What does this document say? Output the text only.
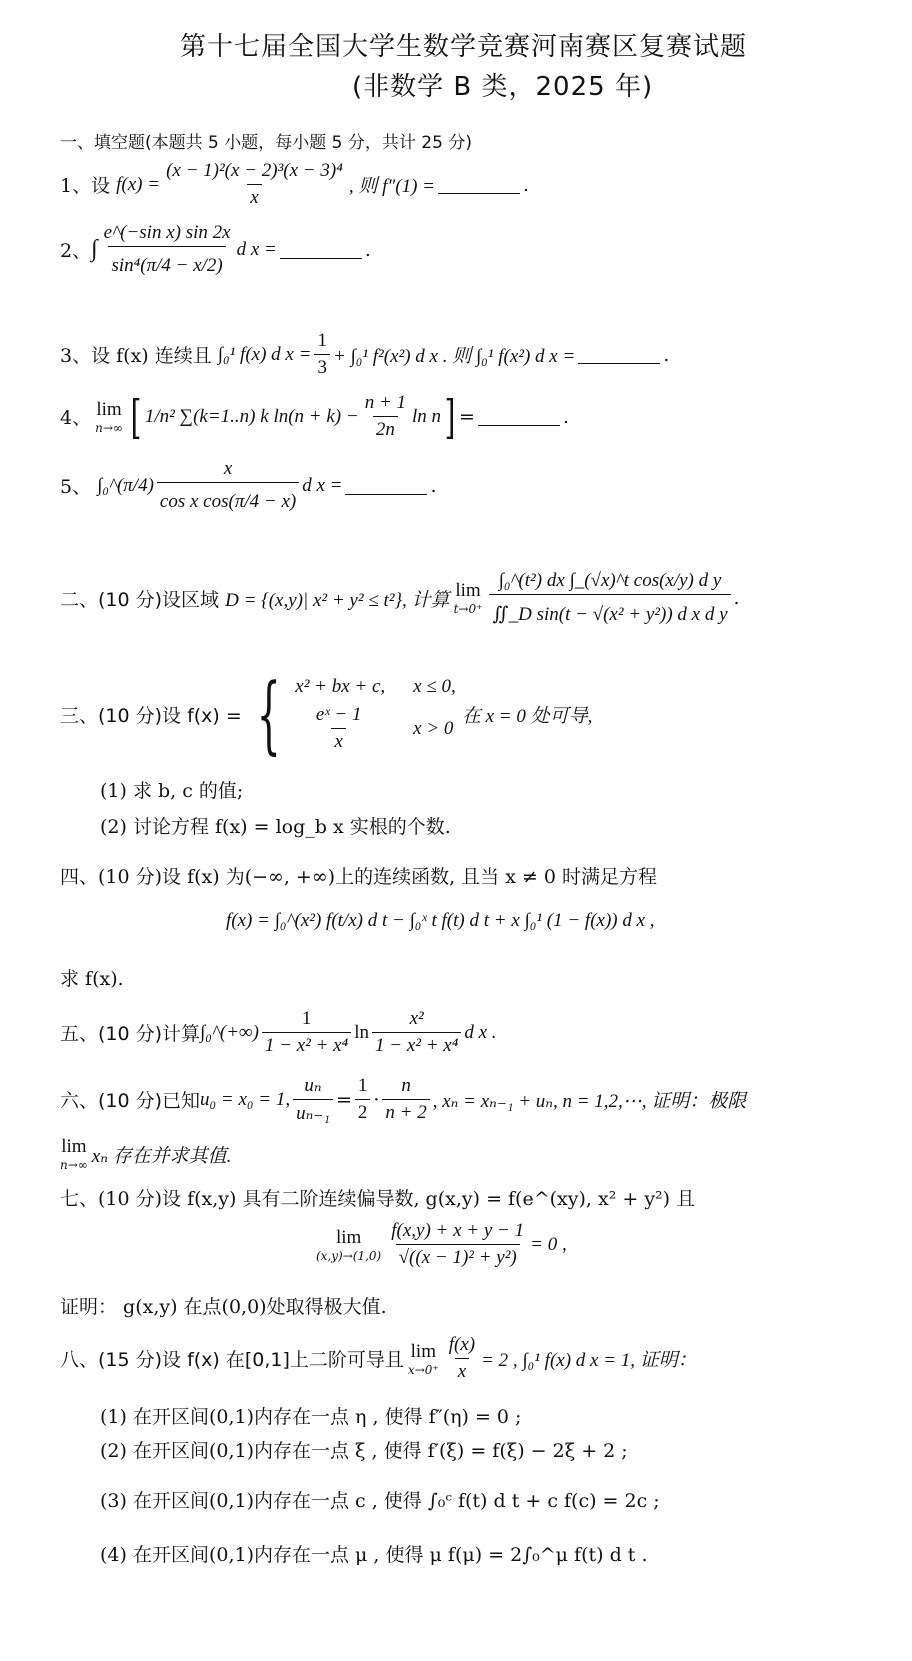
第十七届全国大学生数学竞赛河南赛区复赛试题
(非数学 B 类，2025 年)
一、填空题(本题共 5 小题，每小题 5 分，共计 25 分)
1、设
$f(x) = \frac{\text{(x − 1)²(x − 2)³(x − 3)⁴}}{x}$ , 则 f″(1) =	.
2、 ∫ $\frac{\text{e\textasciicircum{}(−sin x) sin 2x}}{\text{sin⁴(π/4 − x/2)}}$ d x =	.
3、设 f(x) 连续且
∫₀¹ f(x) d $x = \frac{1}{3} + \int_0^1$ f²(x²) d x . 则 ∫₀¹ f(x²) d x =	.
4、 lim
n→∞ [ 1/n² ∑(k=1..n) k $\ln(n + k) - \frac{n + 1}{2n}$ ln n ] =	.
5、
∫₀^(π/4) $\frac{x}{\text{cos x cos(π/4 − x)}}$ d x =	.
二、(10 分)设区域
D = {(x,y)| x² + y² ≤ t²}, 计算 lim
$t\to 0^+ \frac{\text{∫₀\textasciicircum{}(t²) dx ∫\_(√x)\textasciicircum{}t cos(x/y) d y}}{\text{∬\_D sin(t − √(x² + y²)) d x d y}}$ .
三、(10 分)设 f(x) = { x² + bx + c, x ≤ 0,
$\frac{\text{eˣ − 1}}{x}$ x > 0

在 x = 0 处可导,
(1) 求 b, c 的值;
(2) 讨论方程 f(x) = log_b x 实根的个数.
四、(10 分)设 f(x) 为(−∞, +∞)上的连续函数, 且当 x ≠ 0 时满足方程
f(x) = ∫₀^(x²) f(t/x) d t − ∫₀ˣ t f(t) d t + x ∫₀¹ (1 − f(x)) d x ,
求 f(x).
五、(10 分)计算 ∫₀^(+∞) $\frac{1}{\text{1 − x² + x⁴}}$ $\ln \frac{\text{x²}}{\text{1 − x² + x⁴}}$ d x .
六、(10 分)已知 u₀ = x₀ = 1, $\frac{\text{uₙ}}{\text{uₙ₋₁}} = \frac{1}{2} \cdot \frac{n}{n + 2}$ , xₙ = xₙ₋₁ + uₙ, n = 1,2,⋯, 证明：极限
lim
n→∞ xₙ 存在并求其值.
七、(10 分)设 f(x,y) 具有二阶连续偏导数, g(x,y) = f(e^(xy), x² + y²) 且
lim
$(x,y)\to(1,0) \frac{f(x,y) + x + y - 1}{\text{√((x − 1)² + y²)}} = 0$ ,
证明： g(x,y) 在点(0,0)处取得极大值.
八、(15 分)设 f(x) 在[0,1]上二阶可导且 lim
$x\to 0^+ \frac{f(x)}{x} = 2$ , ∫₀¹ f(x) d x = 1, 证明：
(1) 在开区间(0,1)内存在一点 η , 使得 f″(η) = 0 ;
(2) 在开区间(0,1)内存在一点 ξ , 使得 f′(ξ) = f(ξ) − 2ξ + 2 ;
(3) 在开区间(0,1)内存在一点 c , 使得 ∫₀ᶜ f(t) d t + c f(c) = 2c ;
(4) 在开区间(0,1)内存在一点 μ , 使得 μ f(μ) = 2∫₀^μ f(t) d t .
